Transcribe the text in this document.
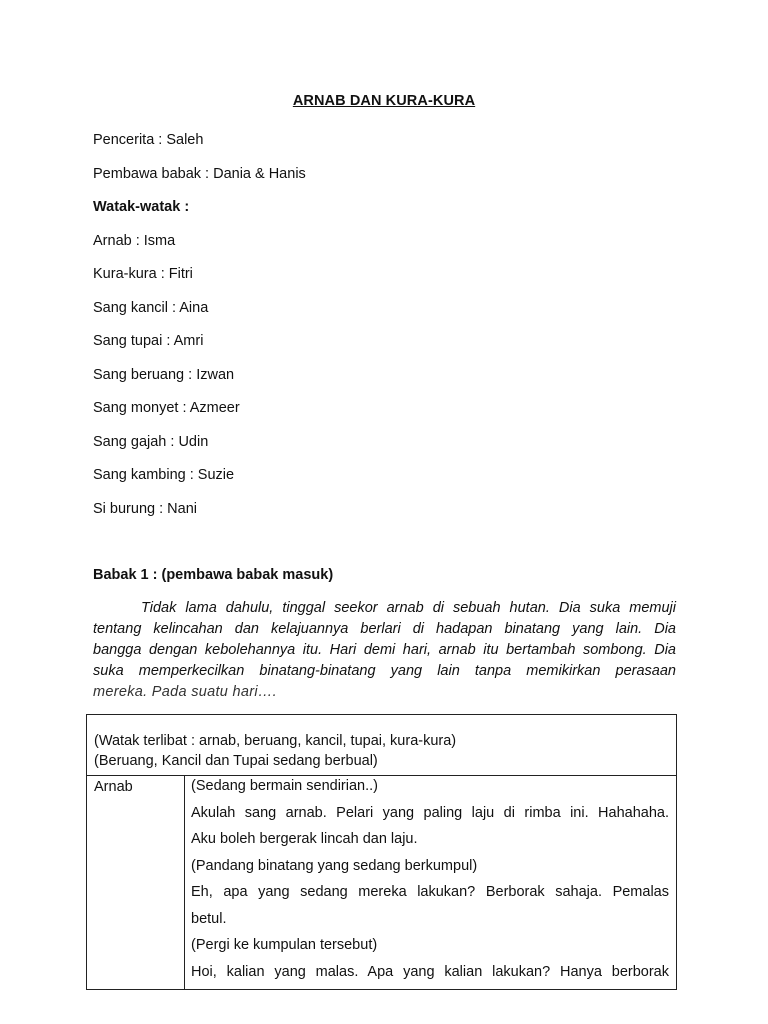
ARNAB DAN KURA-KURA
Pencerita : Saleh
Pembawa babak : Dania & Hanis
Watak-watak :
Arnab : Isma
Kura-kura : Fitri
Sang kancil : Aina
Sang tupai : Amri
Sang beruang : Izwan
Sang monyet : Azmeer
Sang gajah : Udin
Sang kambing : Suzie
Si burung : Nani
Babak 1 : (pembawa babak masuk)
Tidak lama dahulu, tinggal seekor arnab di sebuah hutan. Dia suka memuji
tentang kelincahan dan kelajuannya berlari di hadapan binatang yang lain. Dia
bangga dengan kebolehannya itu. Hari demi hari, arnab itu bertambah sombong. Dia
suka memperkecilkan binatang-binatang yang lain tanpa memikirkan perasaan
mereka. Pada suatu hari….
(Watak terlibat : arnab, beruang, kancil, tupai, kura-kura)
(Beruang, Kancil dan Tupai sedang berbual)
Arnab	(Sedang bermain sendirian..)
Akulah sang arnab. Pelari yang paling laju di rimba ini. Hahahaha.
Aku boleh bergerak lincah dan laju.
(Pandang binatang yang sedang berkumpul)
Eh, apa yang sedang mereka lakukan? Berborak sahaja. Pemalas
betul.
(Pergi ke kumpulan tersebut)
Hoi, kalian yang malas. Apa yang kalian lakukan? Hanya berborak
